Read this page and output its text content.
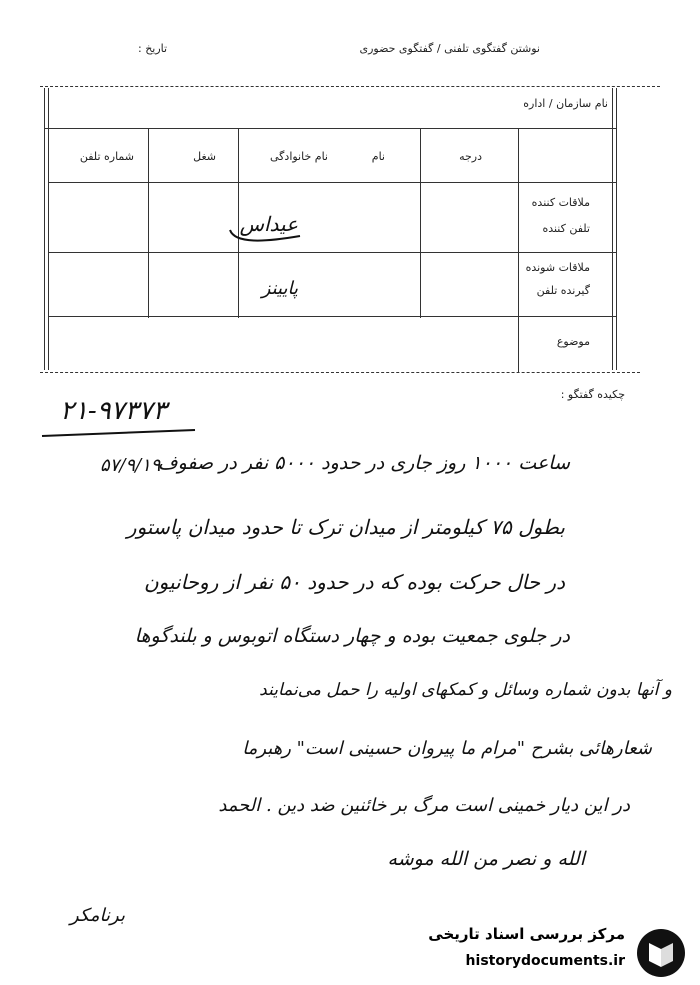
نوشتن گفتگوی تلفنی / گفتگوی حضوری
تاریخ :
نام سازمان / اداره
درجه
نام
نام خانوادگی
شغل
شماره تلفن
ملاقات کننده
تلفن کننده
ملاقات شونده
گیرنده تلفن
موضوع
عیداس
پایینز
چکیده گفتگو :
۲۱-۹۷۳۷۳
۵۷/۹/۱۹
ساعت ۱۰۰۰ روز جاری در حدود ۵۰۰۰ نفر در صفوف
بطول ۷۵ کیلومتر از میدان ترک تا حدود میدان پاستور
در حال حرکت بوده که در حدود ۵۰ نفر از روحانیون
در جلوی جمعیت بوده و چهار دستگاه اتوبوس و بلندگوها
و آنها بدون شماره وسائل و کمکهای اولیه را حمل می‌نمایند
شعارهائی بشرح "مرام ما پیروان حسینی است" رهبرما
در این دیار خمینی است مرگ بر خائنین ضد دین . الحمد
الله و نصر من الله موشه
برنامکر
مرکز بررسی اسناد تاریخی
historydocuments.ir
